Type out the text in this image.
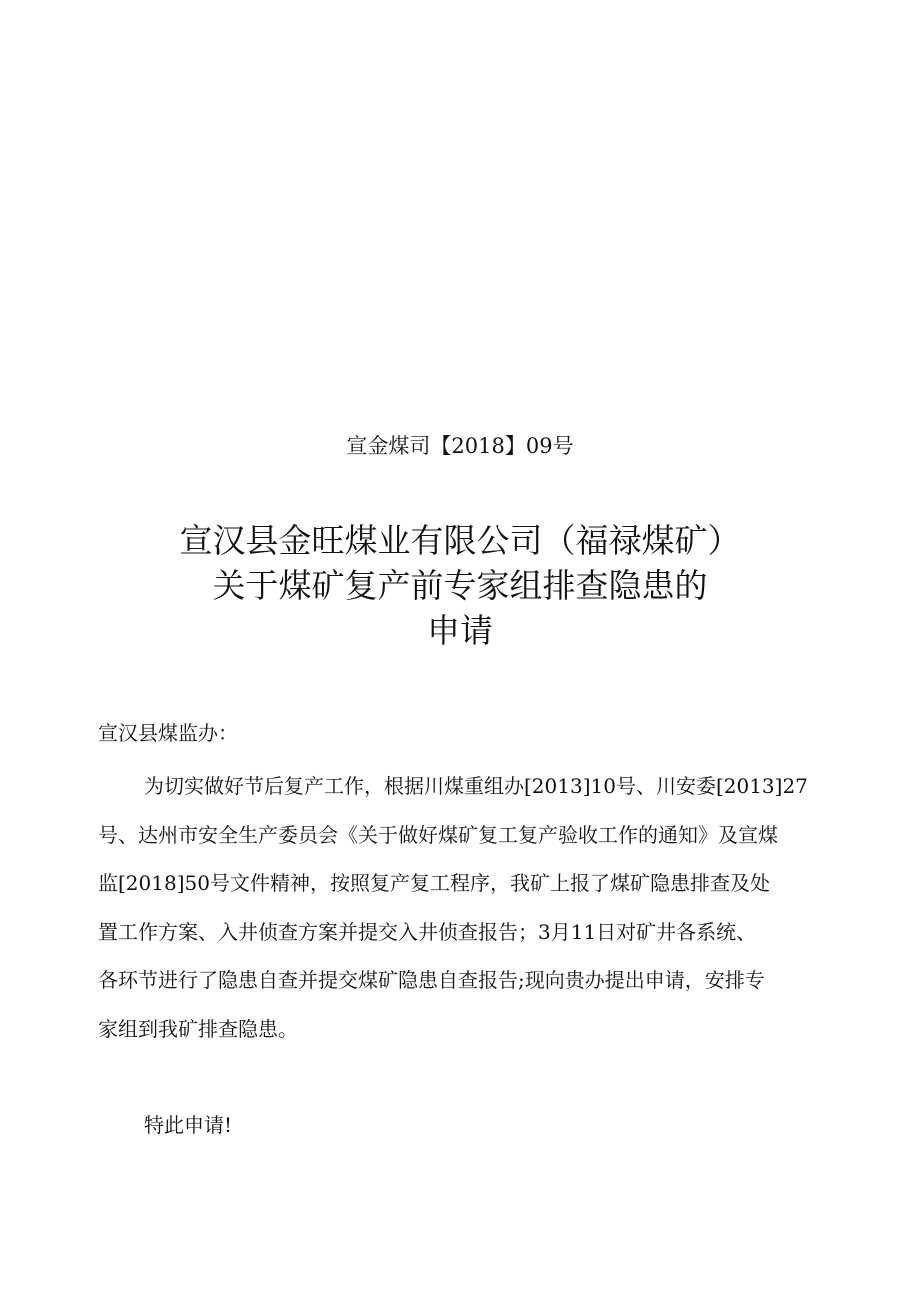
宣金煤司【2018】09号
宣汉县金旺煤业有限公司（福禄煤矿）
关于煤矿复产前专家组排查隐患的
申请
宣汉县煤监办：
为切实做好节后复产工作，根据川煤重组办[2013]10号、川安委[2013]27
号、达州市安全生产委员会《关于做好煤矿复工复产验收工作的通知》及宣煤
监[2018]50号文件精神，按照复产复工程序，我矿上报了煤矿隐患排查及处
置工作方案、入井侦查方案并提交入井侦查报告；3月11日对矿井各系统、
各环节进行了隐患自查并提交煤矿隐患自查报告;现向贵办提出申请，安排专
家组到我矿排查隐患。
特此申请!
